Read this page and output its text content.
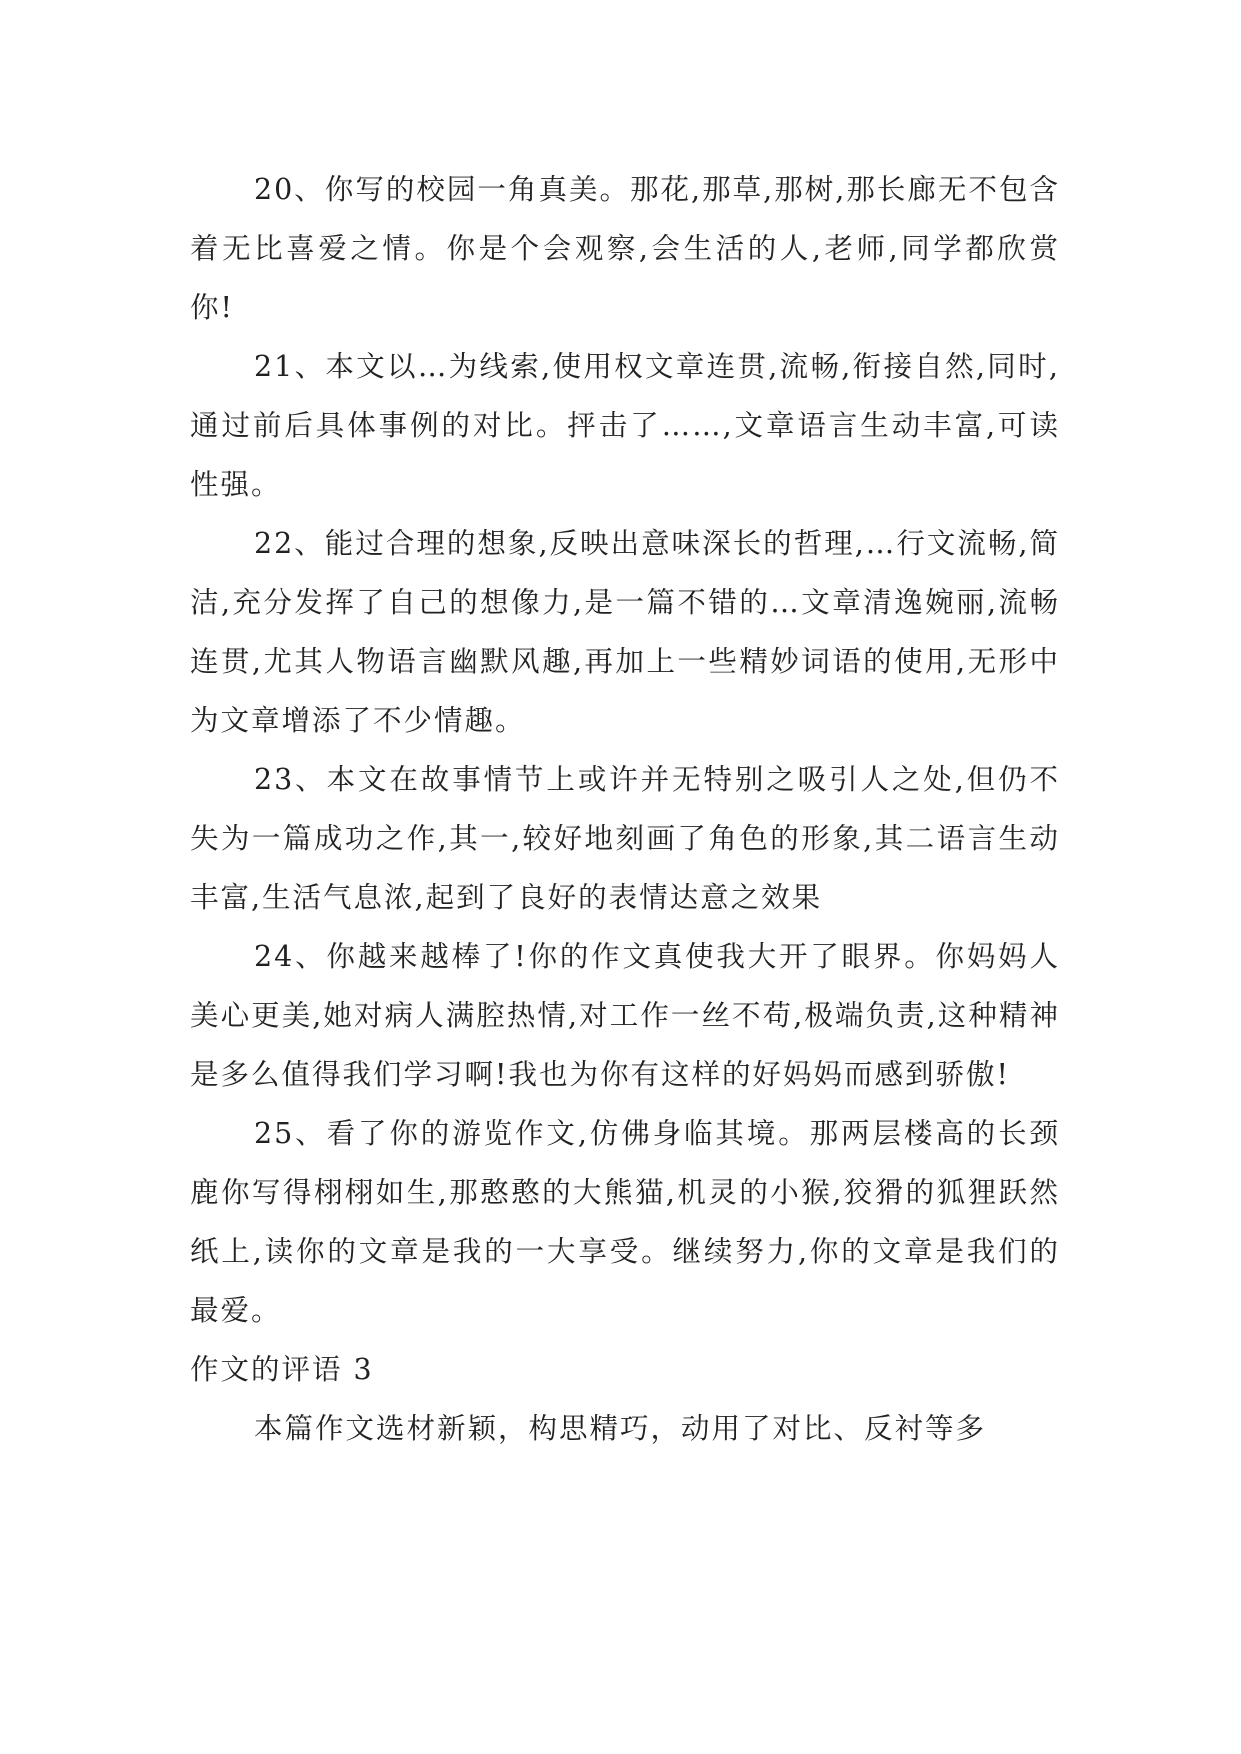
20、你写的校园一角真美。那花,那草,那树,那长廊无不包含着无比喜爱之情。你是个会观察,会生活的人,老师,同学都欣赏你!

21、本文以…为线索,使用权文章连贯,流畅,衔接自然,同时,通过前后具体事例的对比。抨击了……,文章语言生动丰富,可读性强。

22、能过合理的想象,反映出意味深长的哲理,…行文流畅,简洁,充分发挥了自己的想像力,是一篇不错的…文章清逸婉丽,流畅连贯,尤其人物语言幽默风趣,再加上一些精妙词语的使用,无形中为文章增添了不少情趣。

23、本文在故事情节上或许并无特别之吸引人之处,但仍不失为一篇成功之作,其一,较好地刻画了角色的形象,其二语言生动丰富,生活气息浓,起到了良好的表情达意之效果

24、你越来越棒了!你的作文真使我大开了眼界。你妈妈人美心更美,她对病人满腔热情,对工作一丝不苟,极端负责,这种精神是多么值得我们学习啊!我也为你有这样的好妈妈而感到骄傲!

25、看了你的游览作文,仿佛身临其境。那两层楼高的长颈鹿你写得栩栩如生,那憨憨的大熊猫,机灵的小猴,狡猾的狐狸跃然纸上,读你的文章是我的一大享受。继续努力,你的文章是我们的最爱。

作文的评语 3

本篇作文选材新颖，构思精巧，动用了对比、反衬等多
